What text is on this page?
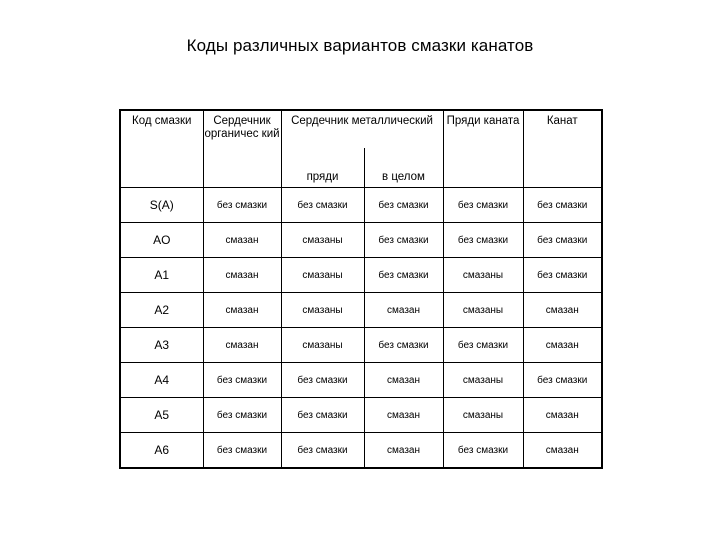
Коды различных вариантов смазки канатов
Код смазки	Сердечник органичес кий	Сердечник металлический		Пряди каната	Канат
		пряди	в целом		
S(A)	без смазки	без смазки	без смазки	без смазки	без смазки
AO	смазан	смазаны	без смазки	без смазки	без смазки
A1	смазан	смазаны	без смазки	смазаны	без смазки
A2	смазан	смазаны	смазан	смазаны	смазан
A3	смазан	смазаны	без смазки	без смазки	смазан
A4	без смазки	без смазки	смазан	смазаны	без смазки
A5	без смазки	без смазки	смазан	смазаны	смазан
A6	без смазки	без смазки	смазан	без смазки	смазан
